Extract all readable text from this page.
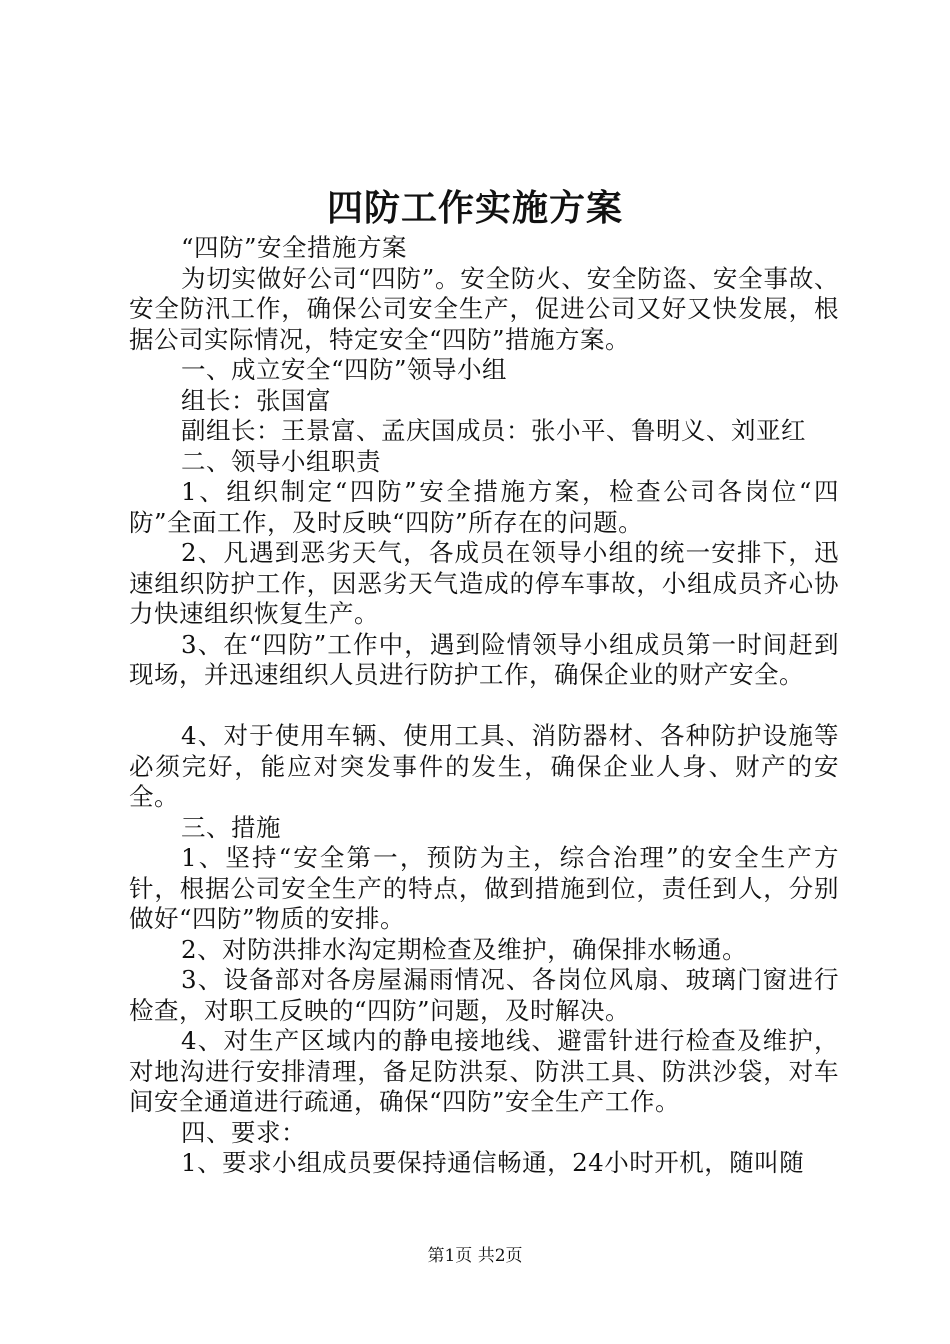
四防工作实施方案

“四防”安全措施方案

为切实做好公司“四防”。安全防火、安全防盗、安全事故、安全防汛工作，确保公司安全生产，促进公司又好又快发展，根据公司实际情况，特定安全“四防”措施方案。

一、成立安全“四防”领导小组

组长：张国富

副组长：王景富、孟庆国成员：张小平、鲁明义、刘亚红

二、领导小组职责

1、组织制定“四防”安全措施方案，检查公司各岗位“四防”全面工作，及时反映“四防”所存在的问题。

2、凡遇到恶劣天气，各成员在领导小组的统一安排下，迅速组织防护工作，因恶劣天气造成的停车事故，小组成员齐心协力快速组织恢复生产。

3、在“四防”工作中，遇到险情领导小组成员第一时间赶到现场，并迅速组织人员进行防护工作，确保企业的财产安全。

4、对于使用车辆、使用工具、消防器材、各种防护设施等必须完好，能应对突发事件的发生，确保企业人身、财产的安全。

三、措施

1、坚持“安全第一，预防为主，综合治理”的安全生产方针，根据公司安全生产的特点，做到措施到位，责任到人，分别做好“四防”物质的安排。

2、对防洪排水沟定期检查及维护，确保排水畅通。

3、设备部对各房屋漏雨情况、各岗位风扇、玻璃门窗进行检查，对职工反映的“四防”问题，及时解决。

4、对生产区域内的静电接地线、避雷针进行检查及维护，对地沟进行安排清理，备足防洪泵、防洪工具、防洪沙袋，对车间安全通道进行疏通，确保“四防”安全生产工作。

四、要求：

1、要求小组成员要保持通信畅通，24小时开机，随叫随

第1页 共2页
